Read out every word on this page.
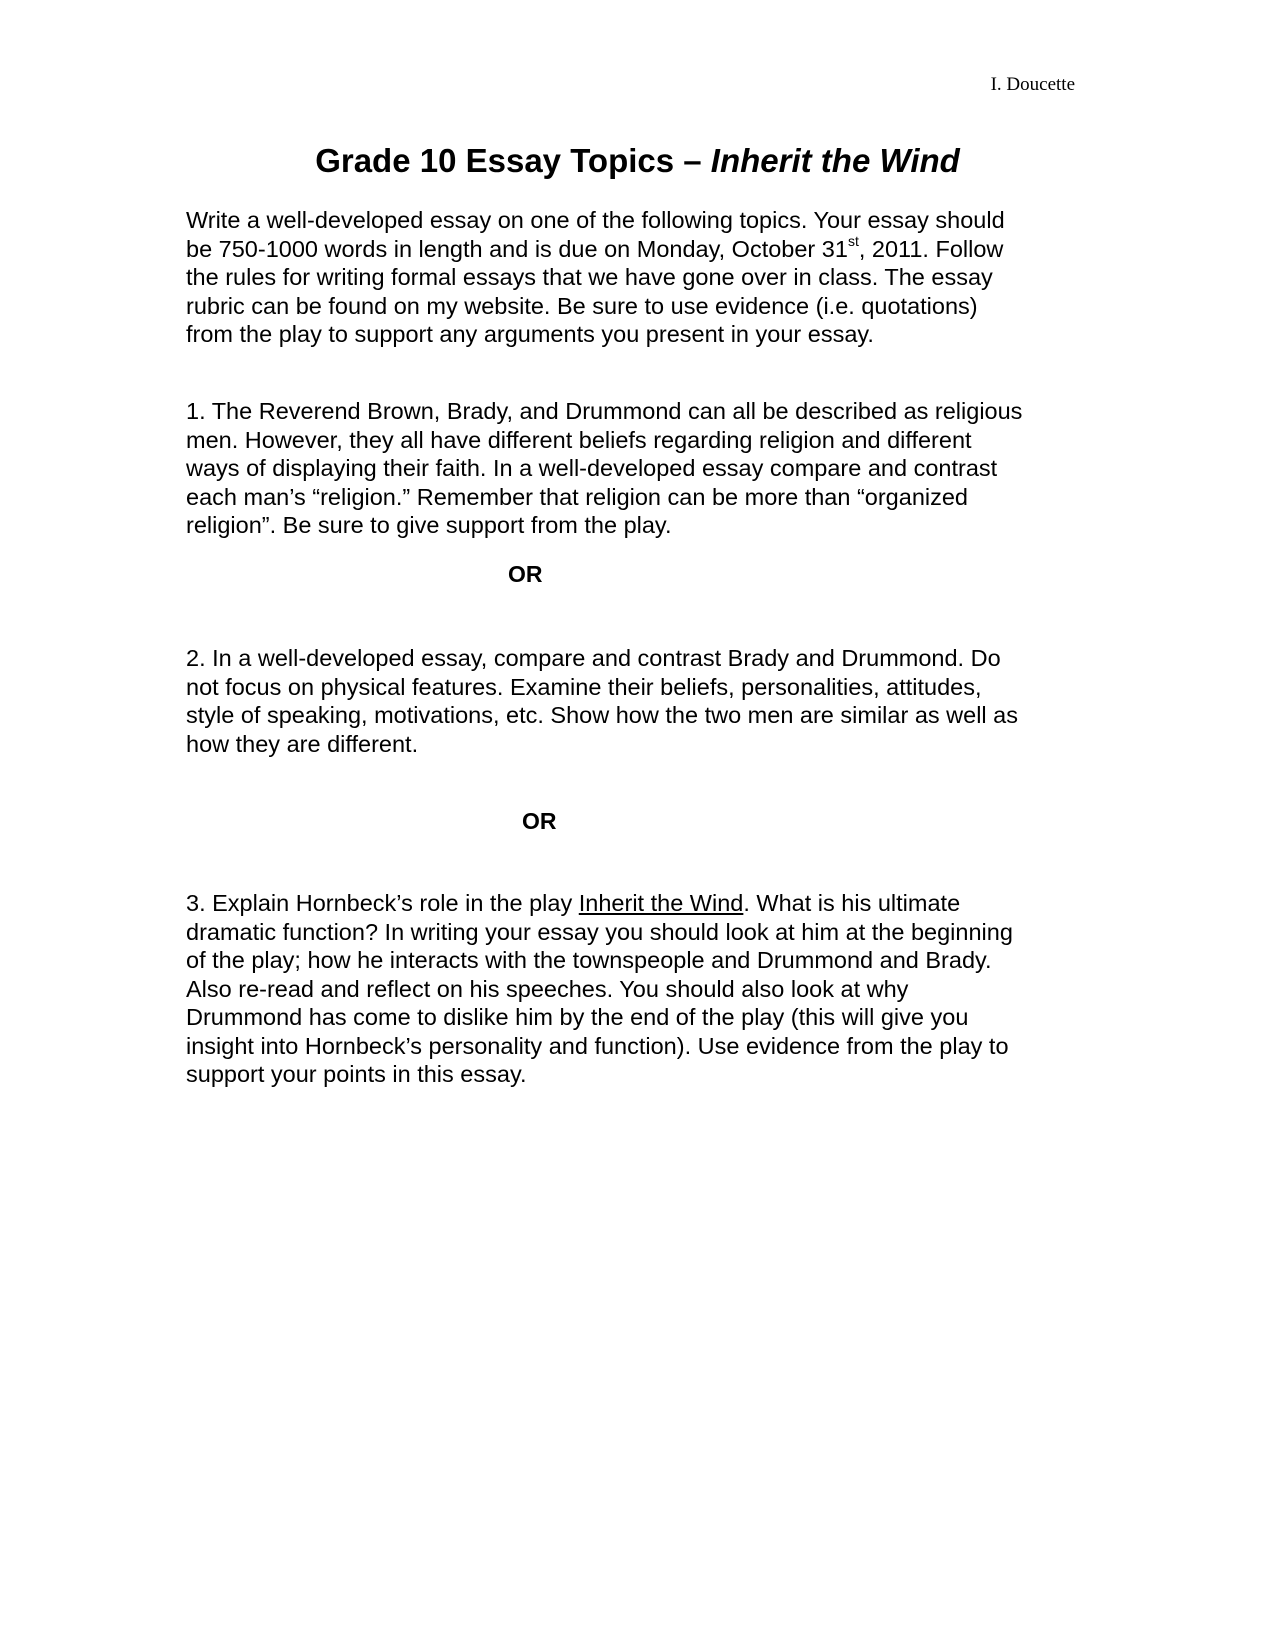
I. Doucette
Grade 10 Essay Topics – Inherit the Wind

Write a well-developed essay on one of the following topics. Your essay should
be 750-1000 words in length and is due on Monday, October 31st, 2011. Follow
the rules for writing formal essays that we have gone over in class. The essay
rubric can be found on my website. Be sure to use evidence (i.e. quotations)
from the play to support any arguments you present in your essay.

1. The Reverend Brown, Brady, and Drummond can all be described as religious
men. However, they all have different beliefs regarding religion and different
ways of displaying their faith. In a well-developed essay compare and contrast
each man’s “religion.” Remember that religion can be more than “organized
religion”. Be sure to give support from the play.

OR

2. In a well-developed essay, compare and contrast Brady and Drummond. Do
not focus on physical features. Examine their beliefs, personalities, attitudes,
style of speaking, motivations, etc. Show how the two men are similar as well as
how they are different.

OR

3. Explain Hornbeck’s role in the play Inherit the Wind. What is his ultimate
dramatic function? In writing your essay you should look at him at the beginning
of the play; how he interacts with the townspeople and Drummond and Brady.
Also re-read and reflect on his speeches. You should also look at why
Drummond has come to dislike him by the end of the play (this will give you
insight into Hornbeck’s personality and function). Use evidence from the play to
support your points in this essay.
